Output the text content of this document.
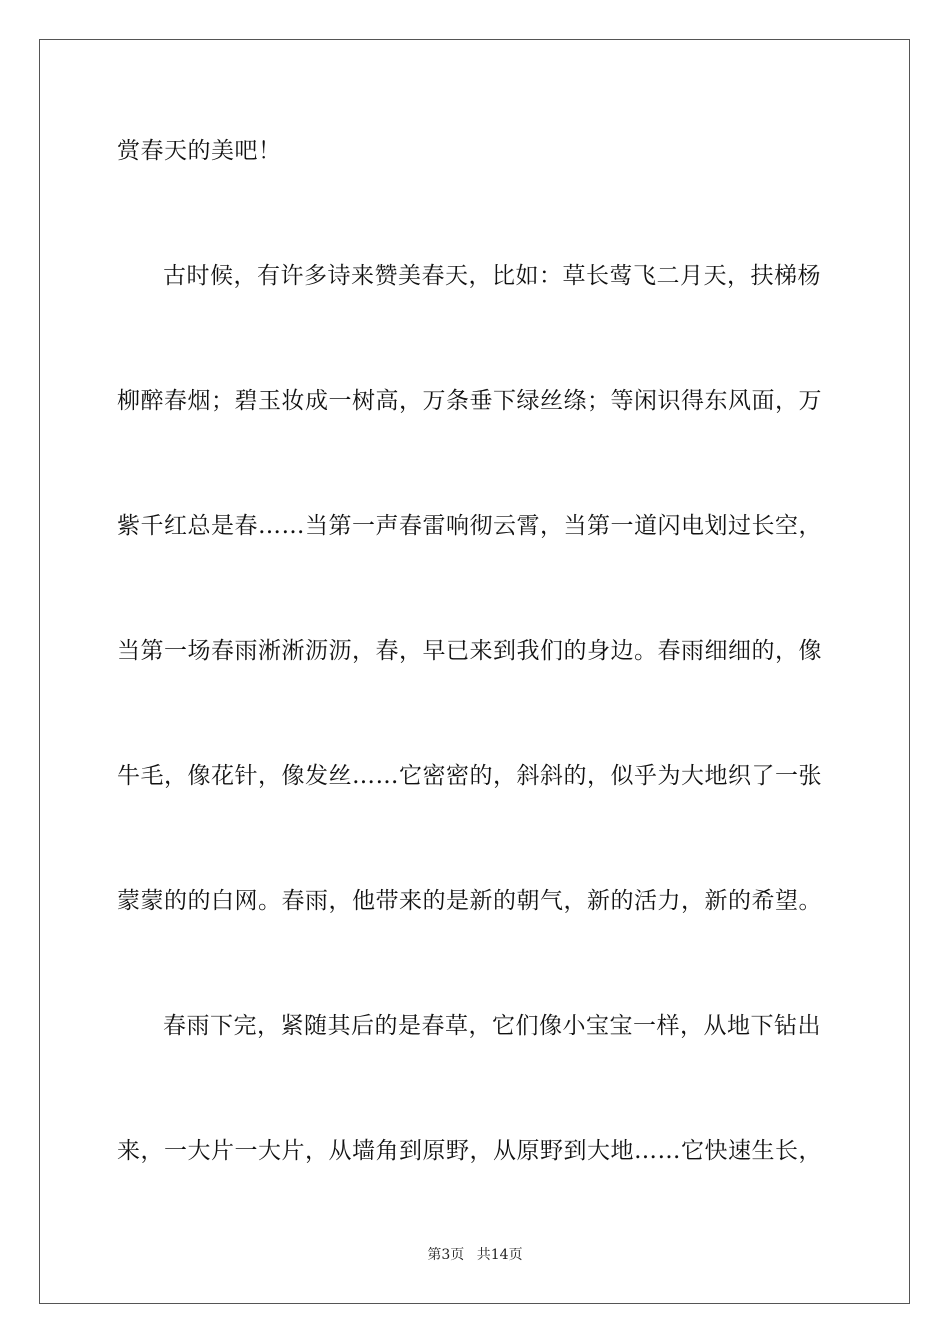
赏春天的美吧！
古时候，有许多诗来赞美春天，比如：草长莺飞二月天，扶梯杨
柳醉春烟；碧玉妆成一树高，万条垂下绿丝绦；等闲识得东风面，万
紫千红总是春……当第一声春雷响彻云霄，当第一道闪电划过长空，
当第一场春雨淅淅沥沥，春，早已来到我们的身边。春雨细细的，像
牛毛，像花针，像发丝……它密密的，斜斜的，似乎为大地织了一张
蒙蒙的的白网。春雨，他带来的是新的朝气，新的活力，新的希望。
春雨下完，紧随其后的是春草，它们像小宝宝一样，从地下钻出
来，一大片一大片，从墙角到原野，从原野到大地……它快速生长，
第3页 共14页
